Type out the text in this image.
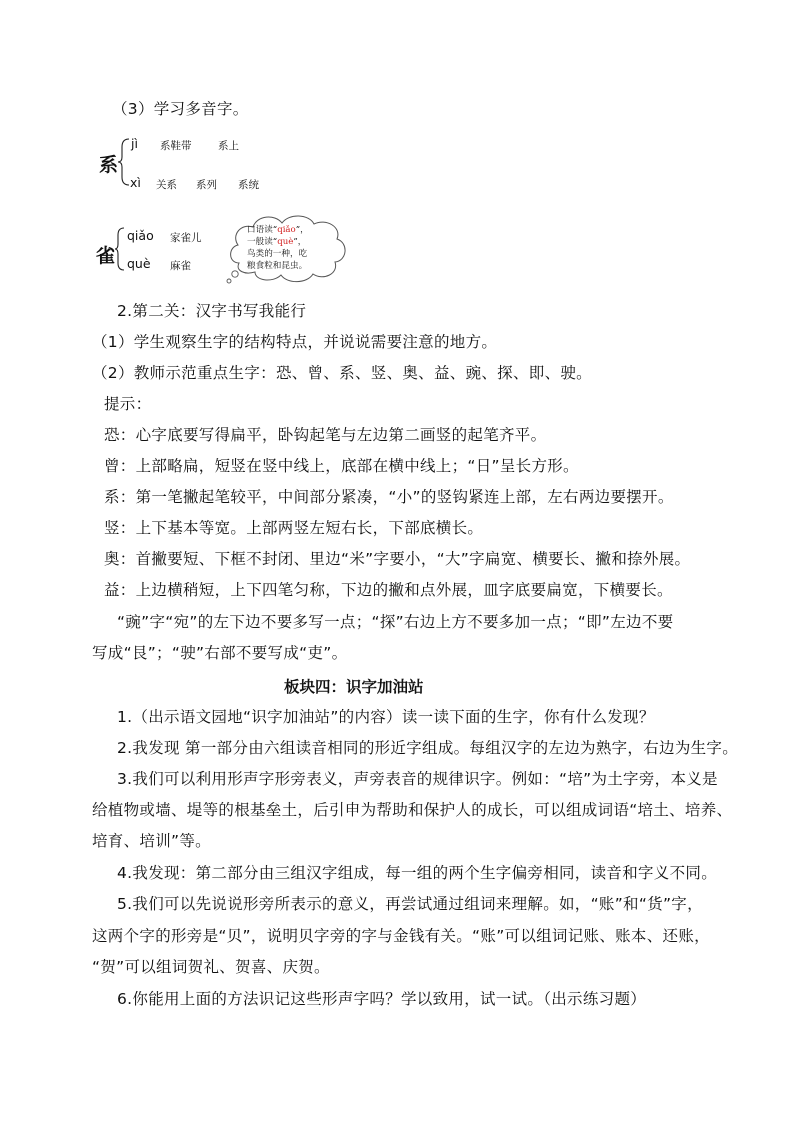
（3）学习多音字。
系
jì 系鞋带	系上
xì 关系 系列 系统
雀
qiǎo 家雀儿
què 麻雀
口语读“qiǎo”，
一般读“què”，
鸟类的一种，吃
粮食粒和昆虫。
2.第二关：汉字书写我能行
（1）学生观察生字的结构特点，并说说需要注意的地方。
（2）教师示范重点生字：恐、曾、系、竖、奥、益、豌、探、即、驶。
提示：
恐：心字底要写得扁平，卧钩起笔与左边第二画竖的起笔齐平。
曾：上部略扁，短竖在竖中线上，底部在横中线上；“日”呈长方形。
系：第一笔撇起笔较平，中间部分紧凑，“小”的竖钩紧连上部，左右两边要摆开。
竖：上下基本等宽。上部两竖左短右长，下部底横长。
奥：首撇要短、下框不封闭、里边“米”字要小，“大”字扁宽、横要长、撇和捺外展。
益：上边横稍短，上下四笔匀称，下边的撇和点外展，皿字底要扁宽，下横要长。
“豌”字“宛”的左下边不要多写一点；“探”右边上方不要多加一点；“即”左边不要
写成“艮”；“驶”右部不要写成“吏”。
板块四：识字加油站
1.（出示语文园地“识字加油站”的内容）读一读下面的生字，你有什么发现？
2.我发现 第一部分由六组读音相同的形近字组成。每组汉字的左边为熟字，右边为生字。
3.我们可以利用形声字形旁表义，声旁表音的规律识字。例如：“培”为土字旁，本义是
给植物或墙、堤等的根基垒土，后引申为帮助和保护人的成长，可以组成词语“培土、培养、
培育、培训”等。
4.我发现：第二部分由三组汉字组成，每一组的两个生字偏旁相同，读音和字义不同。
5.我们可以先说说形旁所表示的意义，再尝试通过组词来理解。如，“账”和“货”字，
这两个字的形旁是“贝”，说明贝字旁的字与金钱有关。“账”可以组词记账、账本、还账，
“贺”可以组词贺礼、贺喜、庆贺。
6.你能用上面的方法识记这些形声字吗？学以致用，试一试。（出示练习题）
